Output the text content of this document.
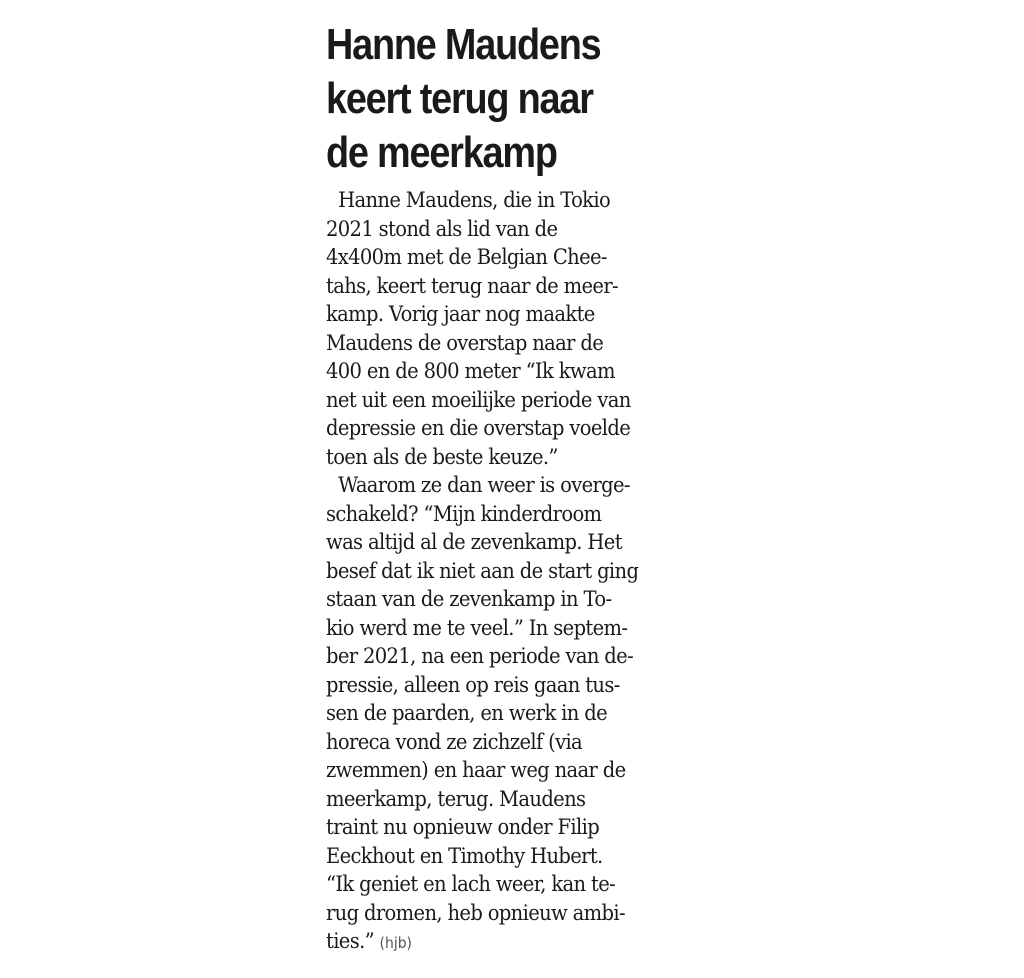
Hanne Maudens
keert terug naar
de meerkamp

Hanne Maudens, die in Tokio
2021 stond als lid van de
4x400m met de Belgian Chee-
tahs, keert terug naar de meer-
kamp. Vorig jaar nog maakte
Maudens de overstap naar de
400 en de 800 meter “Ik kwam
net uit een moeilijke periode van
depressie en die overstap voelde
toen als de beste keuze.”

Waarom ze dan weer is overge-
schakeld? “Mijn kinderdroom
was altijd al de zevenkamp. Het
besef dat ik niet aan de start ging
staan van de zevenkamp in To-
kio werd me te veel.” In septem-
ber 2021, na een periode van de-
pressie, alleen op reis gaan tus-
sen de paarden, en werk in de
horeca vond ze zichzelf (via
zwemmen) en haar weg naar de
meerkamp, terug. Maudens
traint nu opnieuw onder Filip
Eeckhout en Timothy Hubert.
“Ik geniet en lach weer, kan te-
rug dromen, heb opnieuw ambi-
ties.” (hjb)
